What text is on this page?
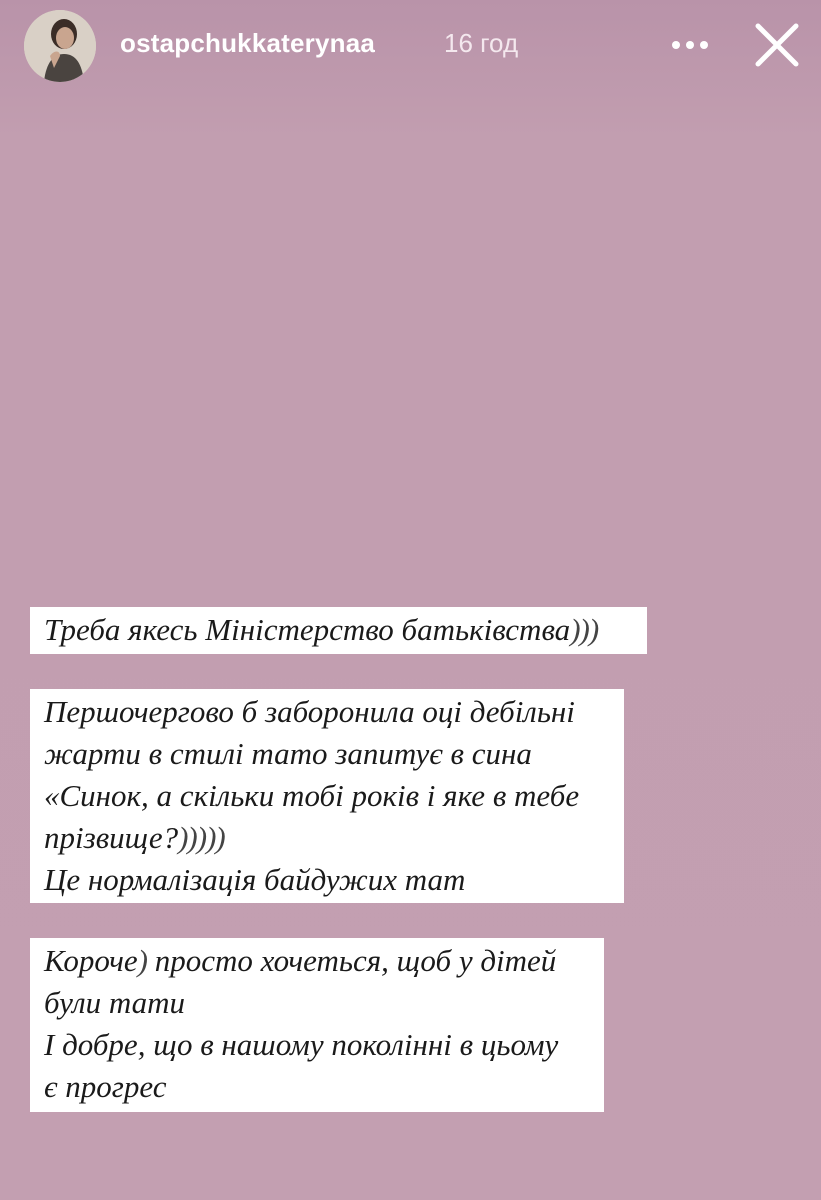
ostapchukkaterynaa	16 год
Треба якесь Міністерство батьківства)))
Першочергово б заборонила оці дебільні
жарти в стилі тато запитує в сина
«Синок, а скільки тобі років і яке в тебе
прізвище?)))))
Це нормалізація байдужих тат
Короче) просто хочеться, щоб у дітей
були тати
І добре, що в нашому поколінні в цьому
є прогрес
